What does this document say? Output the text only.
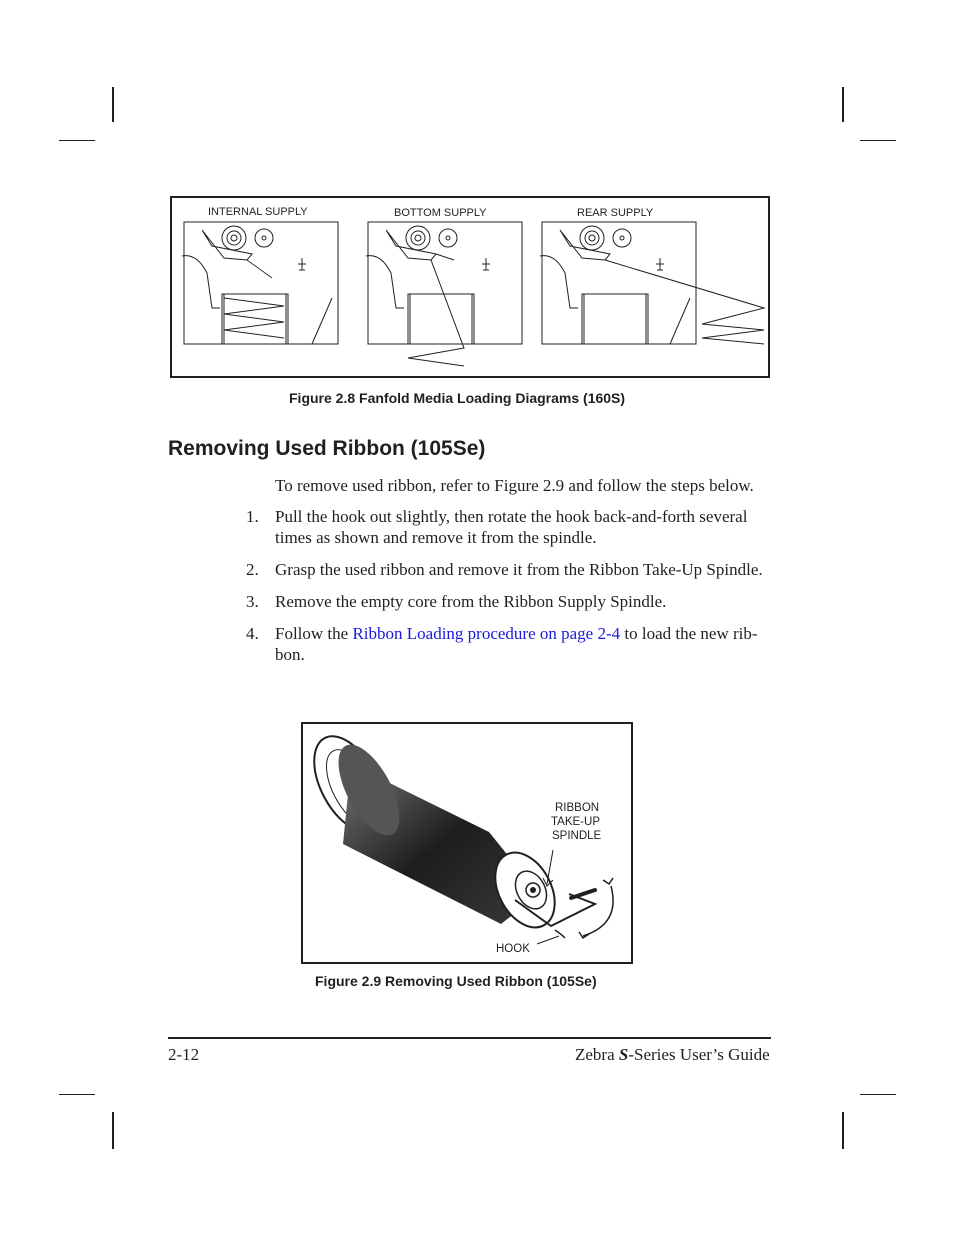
INTERNAL SUPPLY	BOTTOM SUPPLY	REAR SUPPLY
Figure 2.8 Fanfold Media Loading Diagrams (160S)
Removing Used Ribbon (105Se)

To remove used ribbon, refer to Figure 2.9 and follow the steps below.

1. Pull the hook out slightly, then rotate the hook back-and-forth several times as shown and remove it from the spindle.
2. Grasp the used ribbon and remove it from the Ribbon Take-Up Spindle.
3. Remove the empty core from the Ribbon Supply Spindle.
4. Follow the Ribbon Loading procedure on page 2-4 to load the new rib-bon.
RIBBON
TAKE-UP
SPINDLE
HOOK
Figure 2.9 Removing Used Ribbon (105Se)
2-12	Zebra S-Series User’s Guide
